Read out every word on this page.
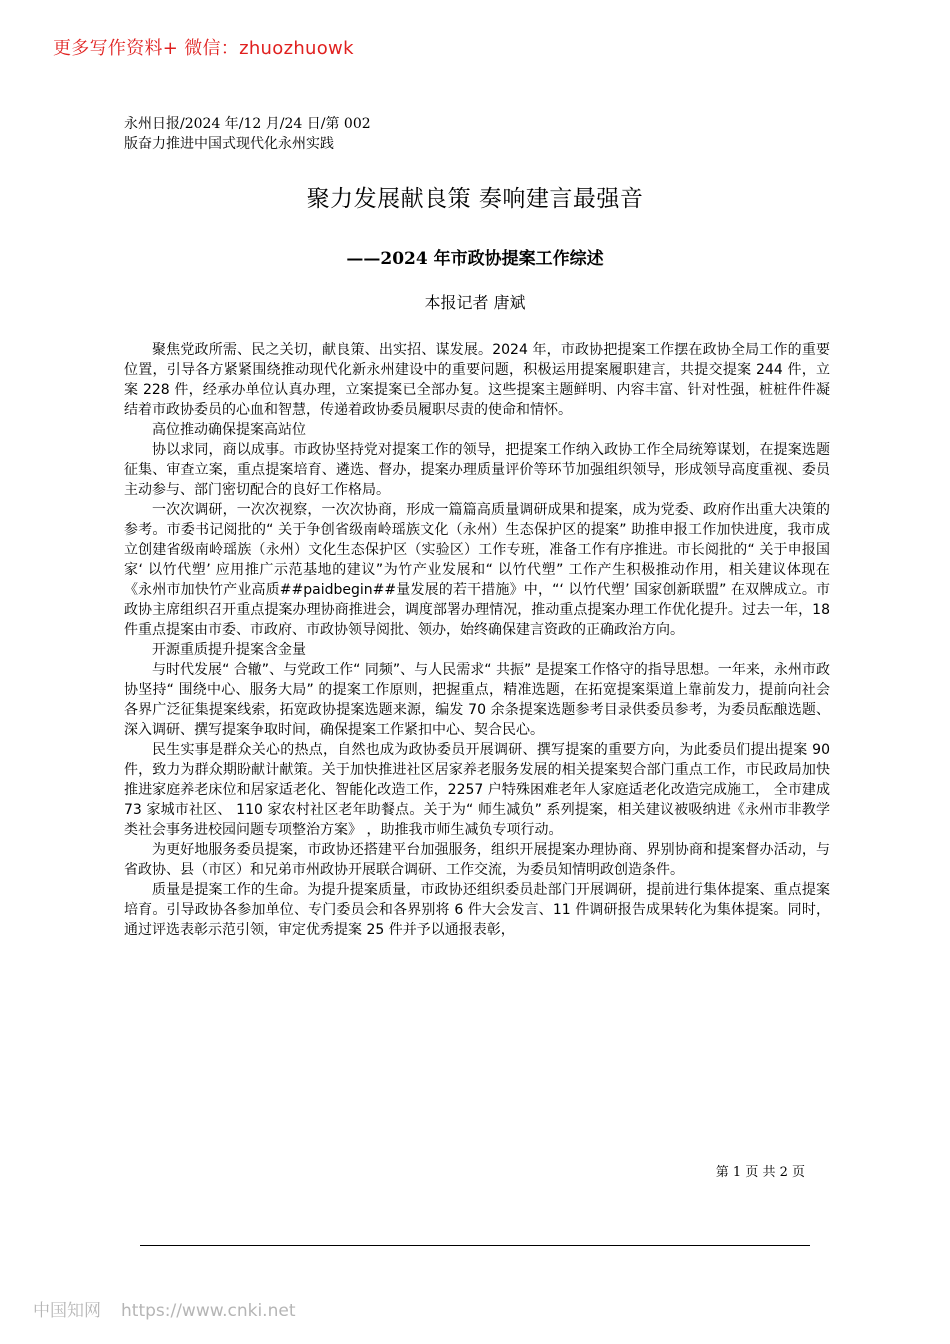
更多写作资料+ 微信：zhuozhuowk
永州日报/2024 年/12 月/24 日/第 002
版奋力推进中国式现代化永州实践
聚力发展献良策 奏响建言最强音
——2024 年市政协提案工作综述
本报记者 唐斌

聚焦党政所需、民之关切，献良策、出实招、谋发展。2024 年，市政协把提案工作摆在政协全局工作的重要位置，引导各方紧紧围绕推动现代化新永州建设中的重要问题，积极运用提案履职建言，共提交提案 244 件，立案 228 件，经承办单位认真办理，立案提案已全部办复。这些提案主题鲜明、内容丰富、针对性强，桩桩件件凝结着市政协委员的心血和智慧，传递着政协委员履职尽责的使命和情怀。

高位推动确保提案高站位

协以求同，商以成事。市政协坚持党对提案工作的领导，把提案工作纳入政协工作全局统筹谋划，在提案选题征集、审查立案，重点提案培育、遴选、督办，提案办理质量评价等环节加强组织领导，形成领导高度重视、委员主动参与、部门密切配合的良好工作格局。

一次次调研，一次次视察，一次次协商，形成一篇篇高质量调研成果和提案，成为党委、政府作出重大决策的参考。市委书记阅批的“ 关于争创省级南岭瑶族文化（永州）生态保护区的提案” 助推申报工作加快进度，我市成立创建省级南岭瑶族（永州）文化生态保护区（实验区）工作专班，准备工作有序推进。市长阅批的“ 关于申报国家‘ 以竹代塑’ 应用推广示范基地的建议”为竹产业发展和“ 以竹代塑” 工作产生积极推动作用，相关建议体现在《永州市加快竹产业高质##paidbegin##量发展的若干措施》中，“‘ 以竹代塑’ 国家创新联盟” 在双牌成立。市政协主席组织召开重点提案办理协商推进会，调度部署办理情况，推动重点提案办理工作优化提升。过去一年，18 件重点提案由市委、市政府、市政协领导阅批、领办，始终确保建言资政的正确政治方向。

开源重质提升提案含金量

与时代发展“ 合辙”、与党政工作“ 同频”、与人民需求“ 共振” 是提案工作恪守的指导思想。一年来，永州市政协坚持“ 围绕中心、服务大局” 的提案工作原则，把握重点，精准选题，在拓宽提案渠道上靠前发力，提前向社会各界广泛征集提案线索，拓宽政协提案选题来源，编发 70 余条提案选题参考目录供委员参考，为委员酝酿选题、深入调研、撰写提案争取时间，确保提案工作紧扣中心、契合民心。

民生实事是群众关心的热点，自然也成为政协委员开展调研、撰写提案的重要方向，为此委员们提出提案 90 件，致力为群众期盼献计献策。关于加快推进社区居家养老服务发展的相关提案契合部门重点工作，市民政局加快推进家庭养老床位和居家适老化、智能化改造工作，2257 户特殊困难老年人家庭适老化改造完成施工， 全市建成 73 家城市社区、 110 家农村社区老年助餐点。关于为“ 师生减负” 系列提案，相关建议被吸纳进《永州市非教学类社会事务进校园问题专项整治方案》 ，助推我市师生减负专项行动。

为更好地服务委员提案，市政协还搭建平台加强服务，组织开展提案办理协商、界别协商和提案督办活动，与省政协、县（市区）和兄弟市州政协开展联合调研、工作交流，为委员知情明政创造条件。

质量是提案工作的生命。为提升提案质量，市政协还组织委员赴部门开展调研，提前进行集体提案、重点提案培育。引导政协各参加单位、专门委员会和各界别将 6 件大会发言、11 件调研报告成果转化为集体提案。同时，通过评选表彰示范引领，审定优秀提案 25 件并予以通报表彰，

第 1 页 共 2 页
中国知网 https://www.cnki.net
